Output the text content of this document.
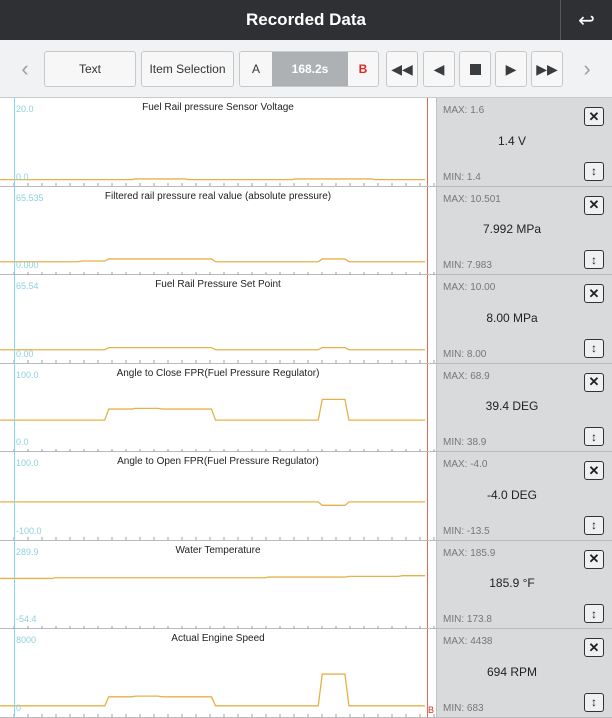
Recorded Data	↩
‹	Text	Item Selection	A	168.2s	B	◀◀	◀	▶	▶▶	›
20.0
0.0
Fuel Rail pressure Sensor Voltage	MAX: 1.6
1.4 V
MIN: 1.4
✕
↕
65.535
0.000
Filtered rail pressure real value (absolute pressure)	MAX: 10.501
7.992 MPa
MIN: 7.983
✕
↕
65.54
0.00
Fuel Rail Pressure Set Point	MAX: 10.00
8.00 MPa
MIN: 8.00
✕
↕
100.0
0.0
Angle to Close FPR(Fuel Pressure Regulator)	MAX: 68.9
39.4 DEG
MIN: 38.9
✕
↕
100.0
-100.0
Angle to Open FPR(Fuel Pressure Regulator)	MAX: -4.0
-4.0 DEG
MIN: -13.5
✕
↕
289.9
-54.4
Water Temperature	MAX: 185.9
185.9 °F
MIN: 173.8
✕
↕
8000
0
Actual Engine Speed
B
MAX: 4438
694 RPM
MIN: 683
✕
↕
